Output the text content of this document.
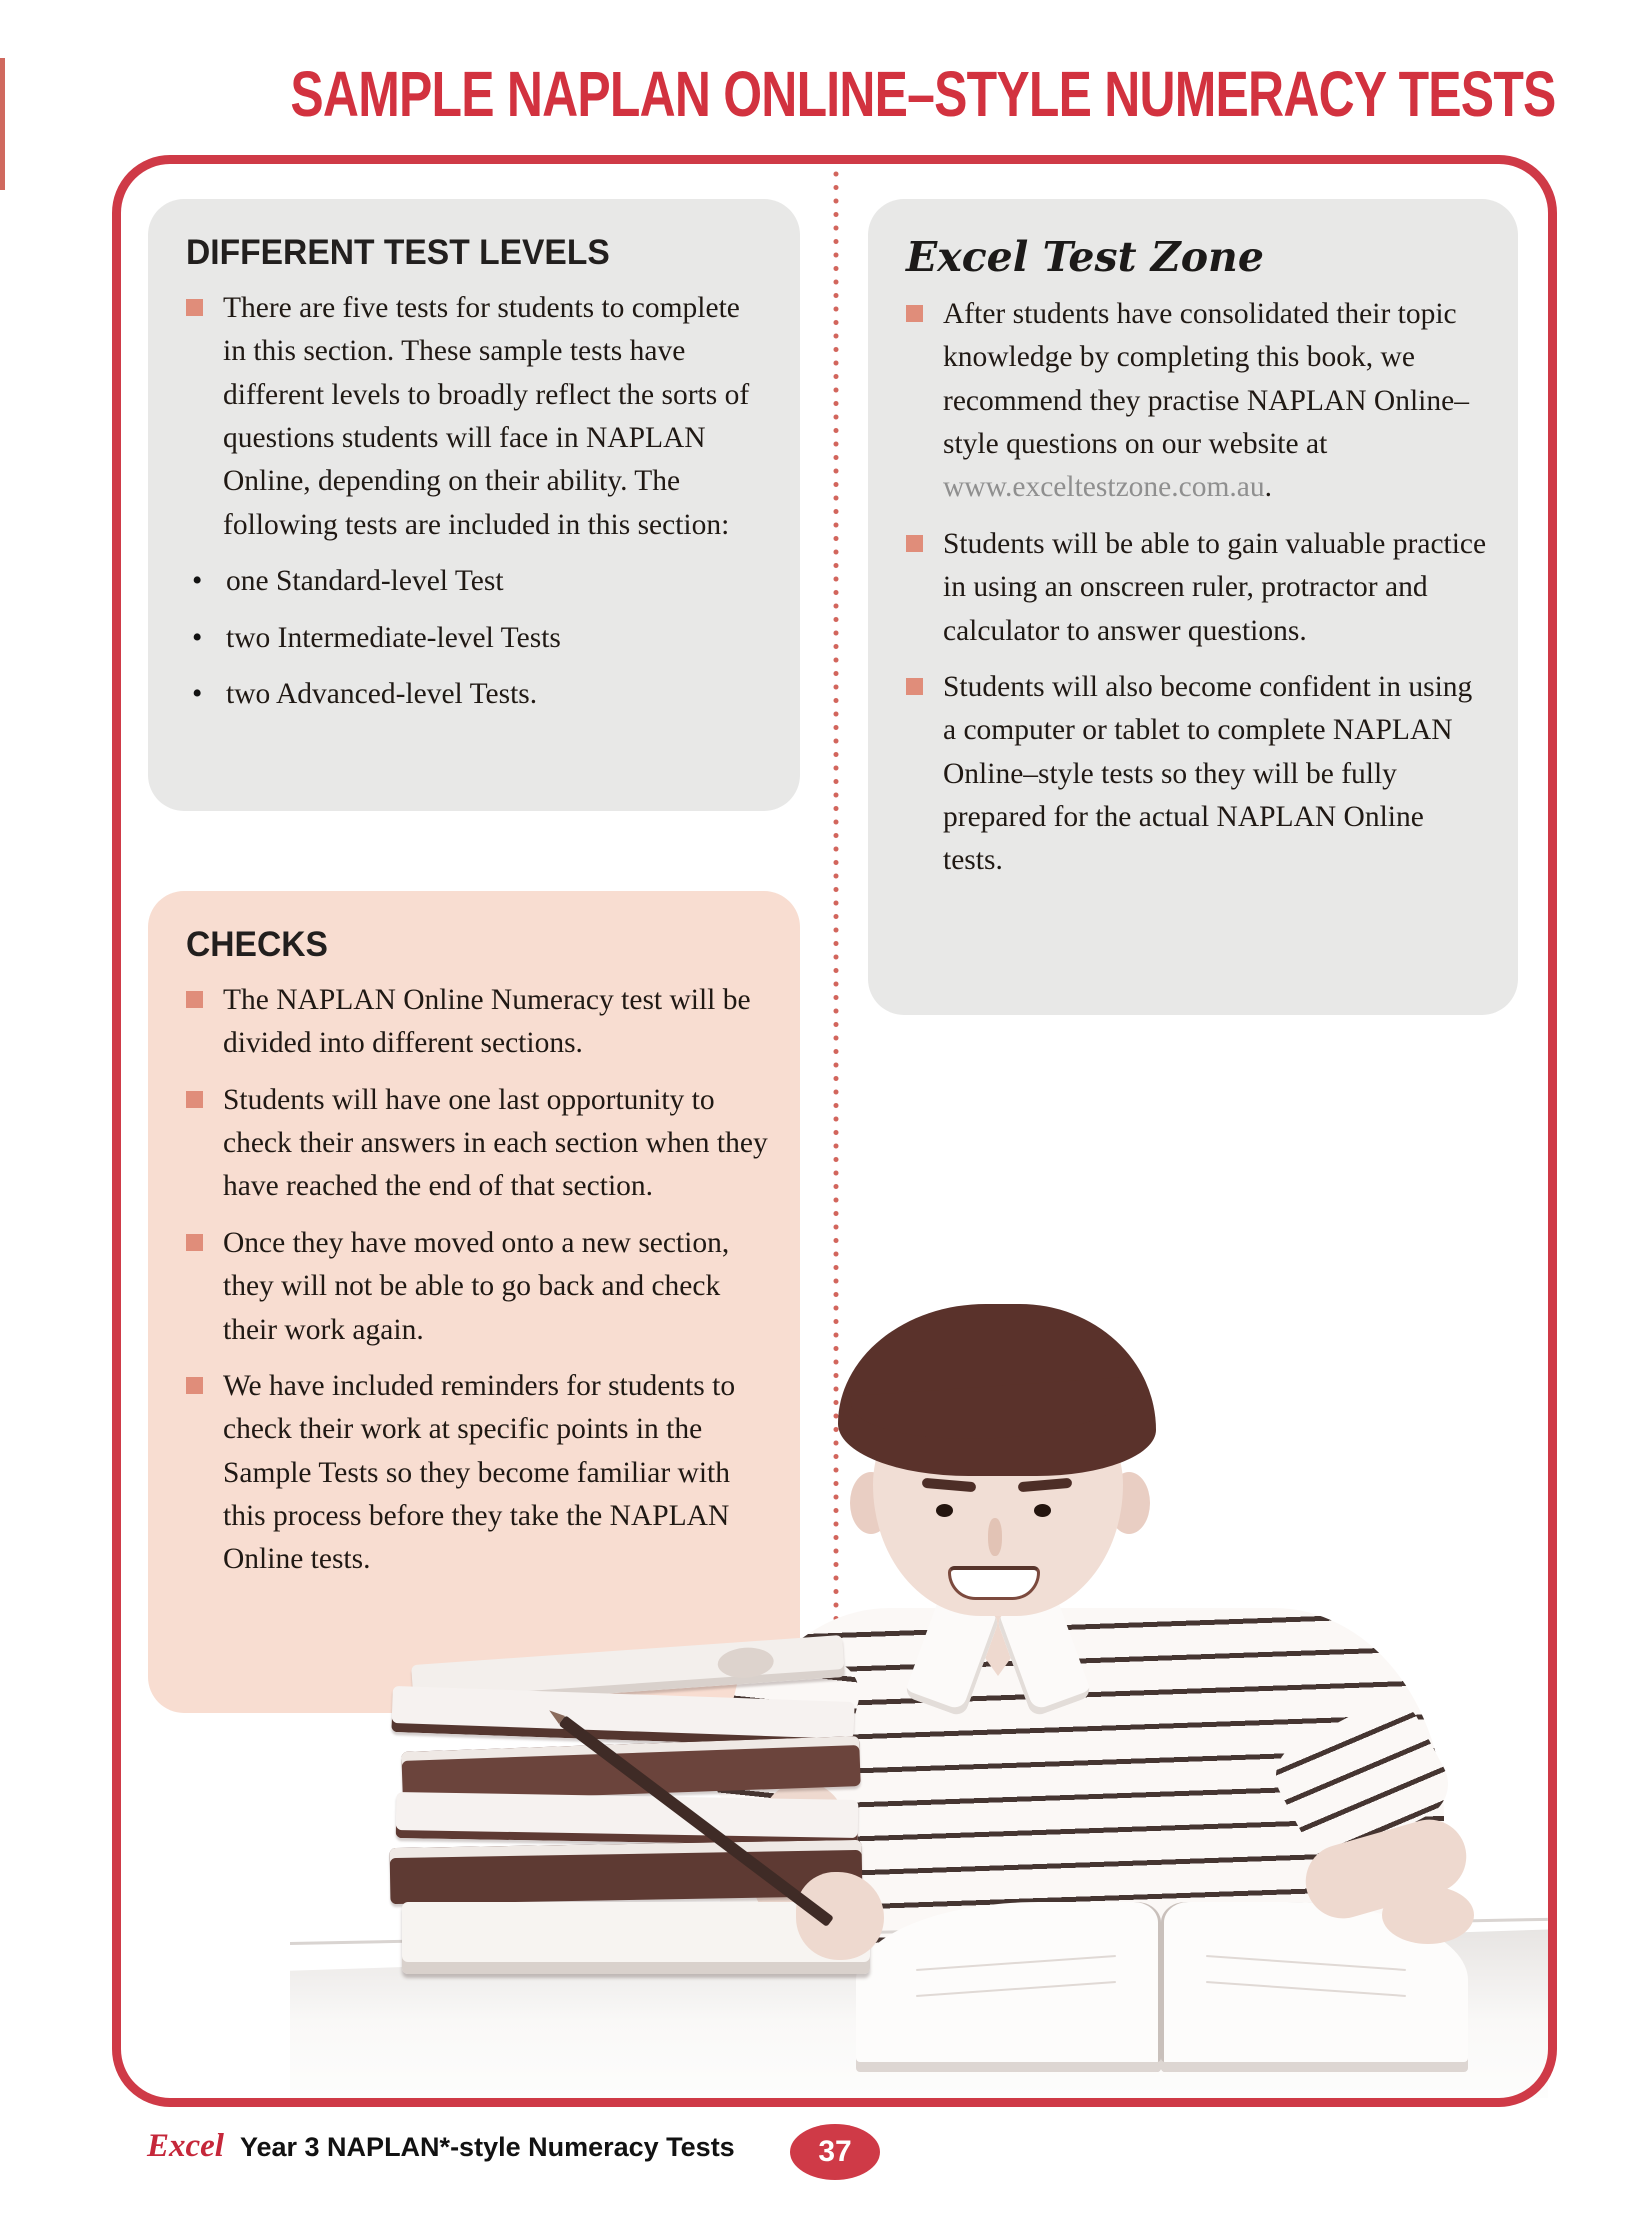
SAMPLE NAPLAN ONLINE–STYLE NUMERACY TESTS
DIFFERENT TEST LEVELS

There are five tests for students to complete in this section. These sample tests have different levels to broadly reflect the sorts of questions students will face in NAPLAN Online, depending on their ability. The following tests are included in this section:

•

one Standard-level Test

•

two Intermediate-level Tests

•

two Advanced-level Tests.

CHECKS

The NAPLAN Online Numeracy test will be divided into different sections.

Students will have one last opportunity to check their answers in each section when they have reached the end of that section.

Once they have moved onto a new section, they will not be able to go back and check their work again.

We have included reminders for students to check their work at specific points in the Sample Tests so they become familiar with this process before they take the NAPLAN Online tests.

Excel Test Zone

After students have consolidated their topic knowledge by completing this book, we recommend they practise NAPLAN Online–style questions on our website at www.exceltestzone.com.au.

Students will be able to gain valuable practice in using an onscreen ruler, protractor and calculator to answer questions.

Students will also become confident in using a computer or tablet to complete NAPLAN Online–style tests so they will be fully prepared for the actual NAPLAN Online tests.

Excel Year 3 NAPLAN*-style Numeracy Tests	37
